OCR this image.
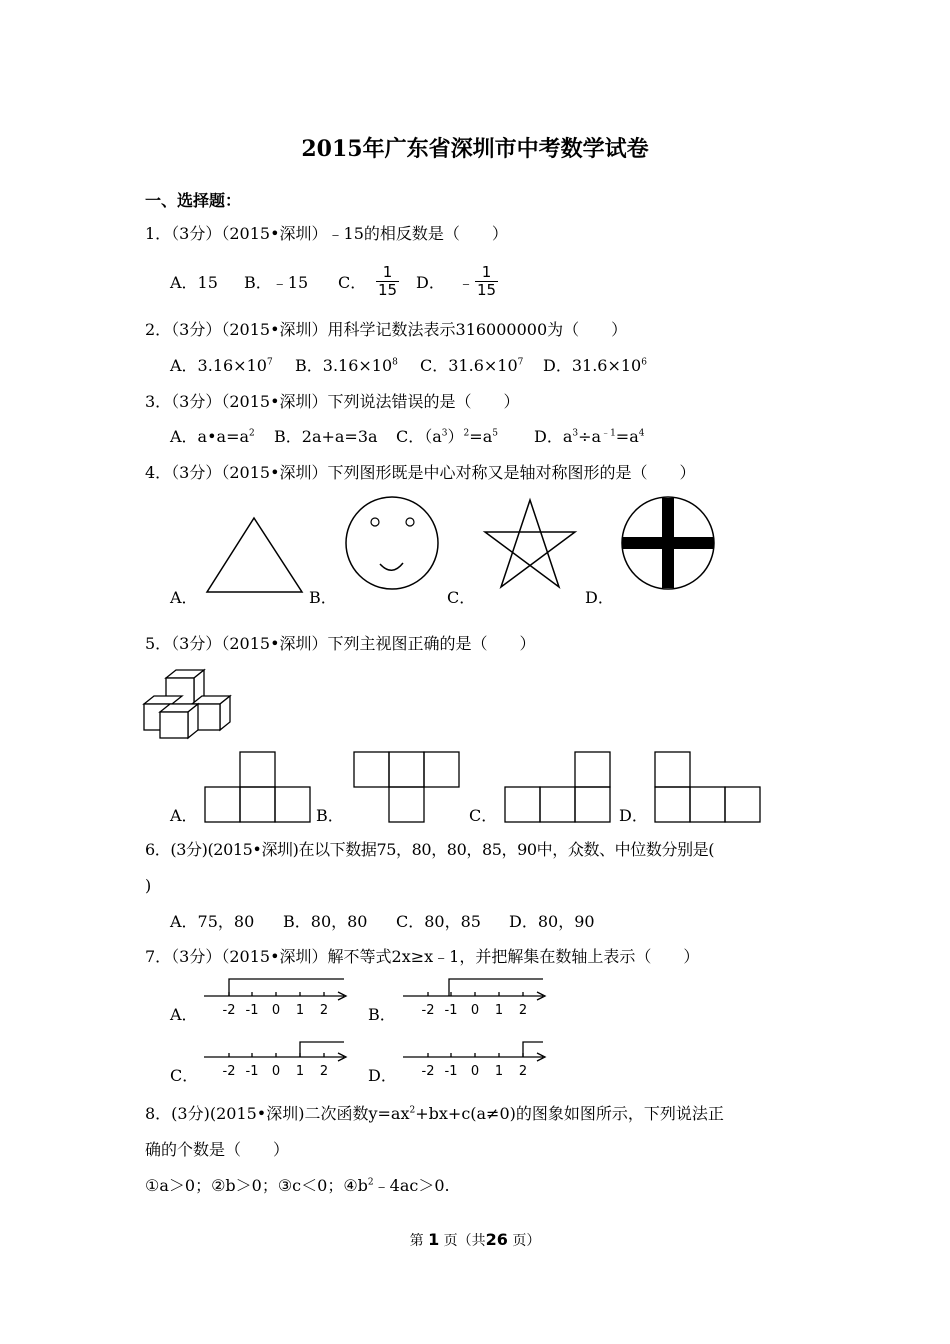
2015年广东省深圳市中考数学试卷
一、选择题：
1．（3分）（2015•深圳）﹣15的相反数是（　　）
A．15 B．﹣15 C． $\frac{1}{15}$ D． ﹣ $\frac{1}{15}$
2．（3分）（2015•深圳）用科学记数法表示316000000为（　　）
A．$3.16\times 10^7$ B．$3.16\times 10^8$ C．$31.6\times 10^7$ D．$31.6\times 10^6$
3．（3分）（2015•深圳）下列说法错误的是（　　）
A．$a•a=a^2$ B．2a+a=3a C．$(a^3)^2=a^5$ D．$a^3\div a^{﹣1}=a^4$
4．（3分）（2015•深圳）下列图形既是中心对称又是轴对称图形的是（　　）
A．	B．	C．	D．
5．（3分）（2015•深圳）下列主视图正确的是（　　）
A．	B．	C．	D．
6．(3分)(2015•深圳)在以下数据75，80，80，85，90中，众数、中位数分别是(
)
A．75，80 B．80，80 C．80，85 D．80，90
7．（3分）（2015•深圳）解不等式2x≥x﹣1，并把解集在数轴上表示（　　）
A．	B．
C．	D．
-2 -1 0 1 2	-2 -1 0 1 2
-2 -1 0 1 2	-2 -1 0 1 2
8．(3分)(2015•深圳)二次函数$y=ax^2+bx+c(a\ne 0)$的图象如图所示，下列说法正
确的个数是（　　）
①a＞0；②b＞0；③c＜0；$④b^2﹣4ac>0$.
第 1 页（共26 页）
